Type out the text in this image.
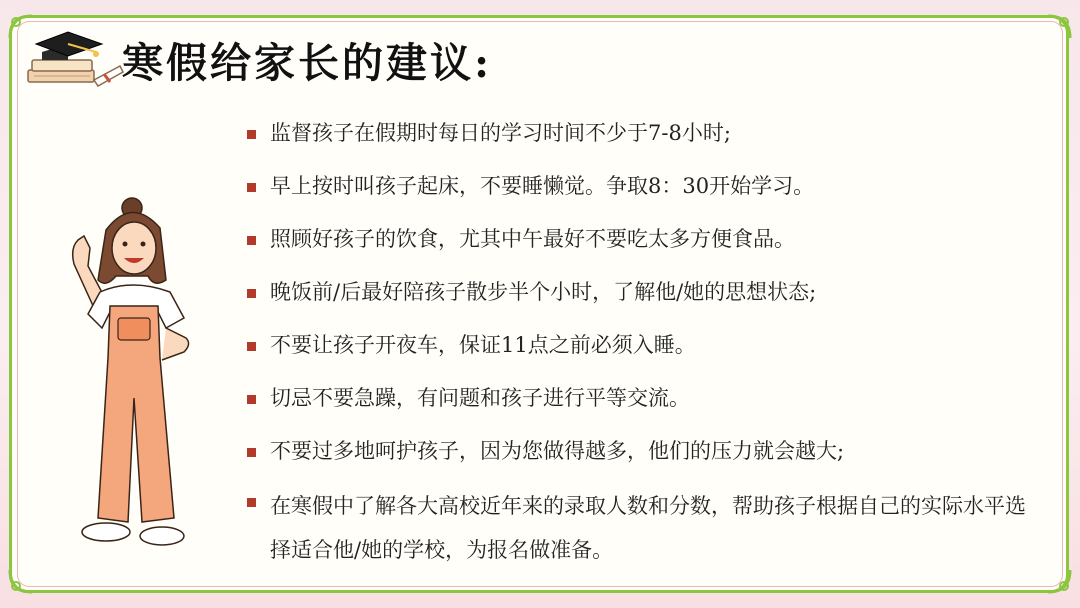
寒假给家长的建议:
监督孩子在假期时每日的学习时间不少于7-8小时;
早上按时叫孩子起床，不要睡懒觉。争取8：30开始学习。
照顾好孩子的饮食，尤其中午最好不要吃太多方便食品。
晚饭前/后最好陪孩子散步半个小时，了解他/她的思想状态;
不要让孩子开夜车，保证11点之前必须入睡。
切忌不要急躁，有问题和孩子进行平等交流。
不要过多地呵护孩子，因为您做得越多，他们的压力就会越大;
在寒假中了解各大高校近年来的录取人数和分数，帮助孩子根据自己的实际水平选择适合他/她的学校，为报名做准备。
